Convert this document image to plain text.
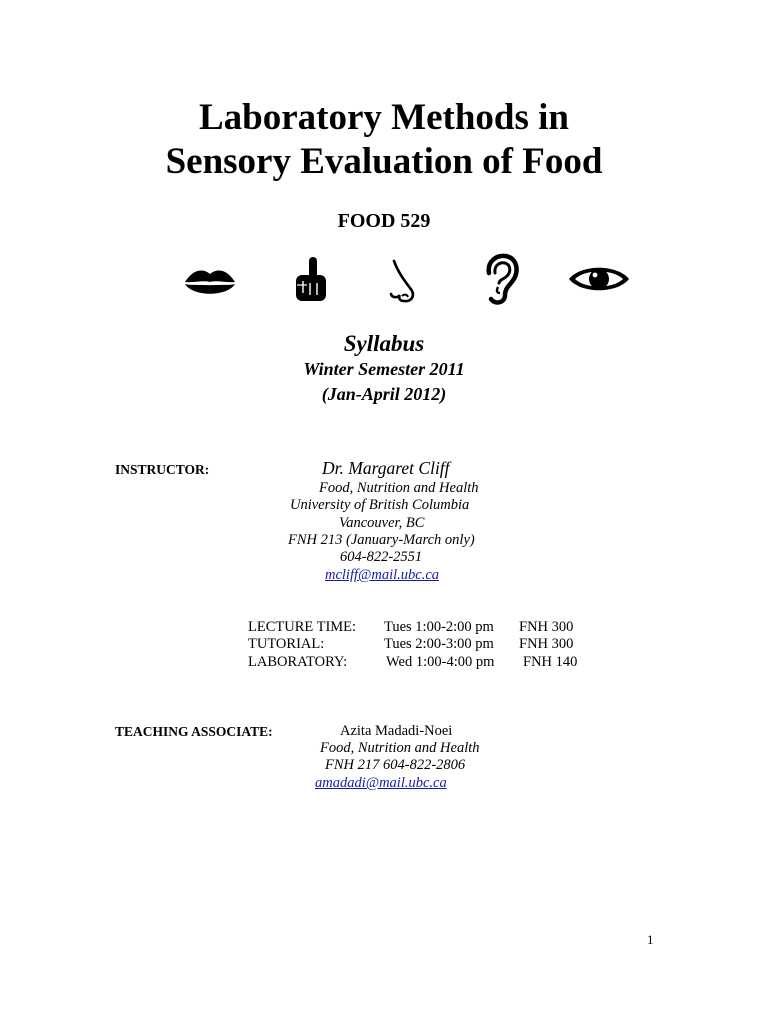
Laboratory Methods in
Sensory Evaluation of Food
FOOD 529
Syllabus
Winter Semester 2011
(Jan-April 2012)
INSTRUCTOR:	Dr. Margaret Cliff
Food, Nutrition and Health
University of British Columbia
Vancouver, BC
FNH 213 (January-March only)
604-822-2551
mcliff@mail.ubc.ca
LECTURE TIME: Tues 1:00-2:00 pm FNH 300
TUTORIAL:	Tues 2:00-3:00 pm FNH 300
LABORATORY:	Wed 1:00-4:00 pm FNH 140
TEACHING ASSOCIATE:	Azita Madadi-Noei
Food, Nutrition and Health
FNH 217 604-822-2806
amadadi@mail.ubc.ca
1
